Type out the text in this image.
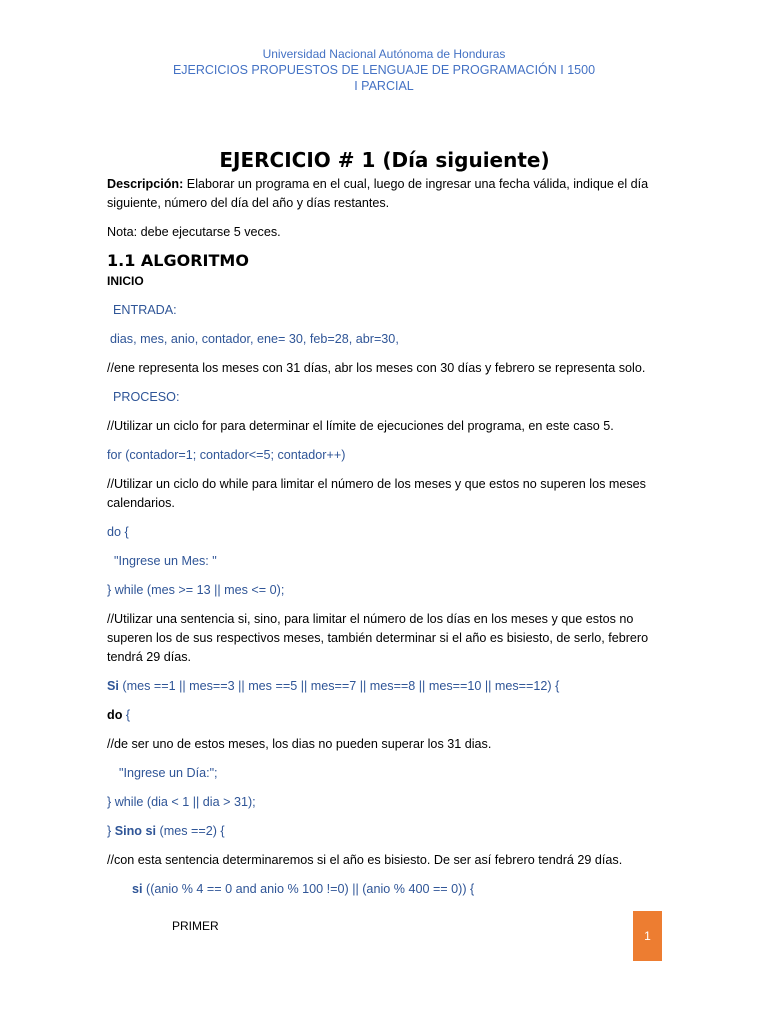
Universidad Nacional Autónoma de Honduras
EJERCICIOS PROPUESTOS DE LENGUAJE DE PROGRAMACIÓN I 1500
I PARCIAL
EJERCICIO # 1 (Día siguiente)

Descripción: Elaborar un programa en el cual, luego de ingresar una fecha válida, indique el día siguiente, número del día del año y días restantes.

Nota: debe ejecutarse 5 veces.

1.1 ALGORITMO

INICIO

ENTRADA:

dias, mes, anio, contador, ene= 30, feb=28, abr=30,

//ene representa los meses con 31 días, abr los meses con 30 días y febrero se representa solo.

PROCESO:

//Utilizar un ciclo for para determinar el límite de ejecuciones del programa, en este caso 5.

for (contador=1; contador<=5; contador++)

//Utilizar un ciclo do while para limitar el número de los meses y que estos no superen los meses calendarios.

do {

"Ingrese un Mes: "

} while (mes >= 13 || mes <= 0);

//Utilizar una sentencia si, sino, para limitar el número de los días en los meses y que estos no superen los de sus respectivos meses, también determinar si el año es bisiesto, de serlo, febrero tendrá 29 días.

Si (mes ==1 || mes==3 || mes ==5 || mes==7 || mes==8 || mes==10 || mes==12) {

do {

//de ser uno de estos meses, los dias no pueden superar los 31 dias.

"Ingrese un Día:";

} while (dia < 1 || dia > 31);

} Sino si (mes ==2) {

//con esta sentencia determinaremos si el año es bisiesto. De ser así febrero tendrá 29 días.

si ((anio % 4 == 0 and anio % 100 !=0) || (anio % 400 == 0)) {

PRIMER
1
